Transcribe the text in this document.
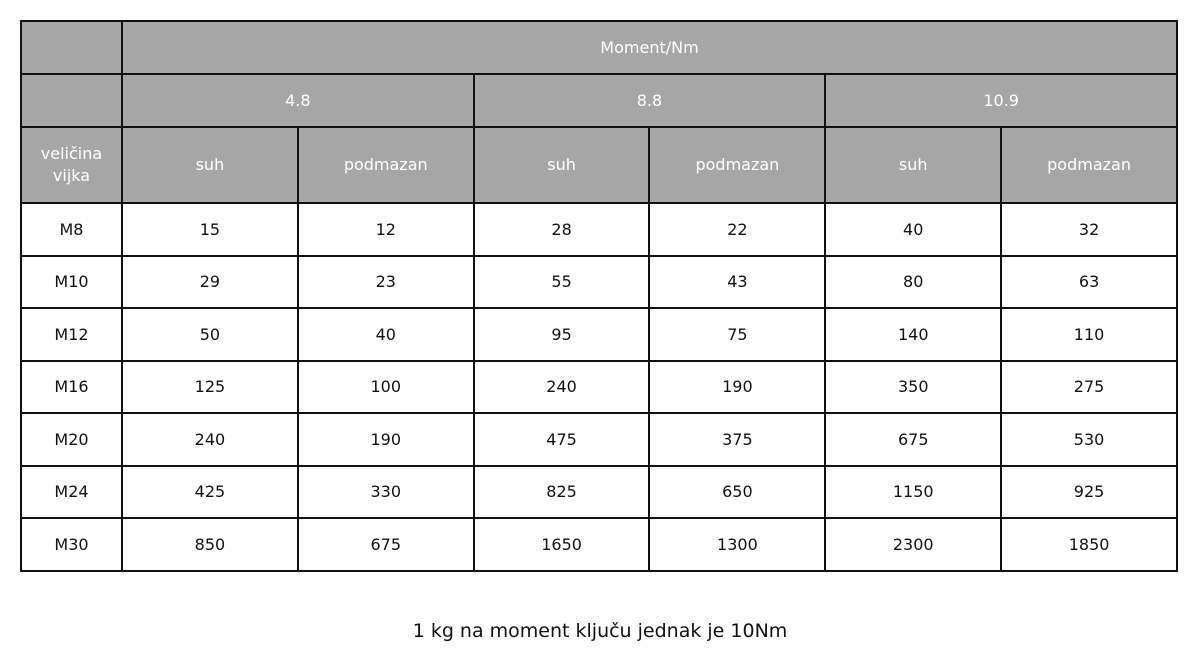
	Moment/Nm					
	4.8		8.8		10.9	
veličina
vijka	suh	podmazan	suh	podmazan	suh	podmazan
M8	15	12	28	22	40	32
M10	29	23	55	43	80	63
M12	50	40	95	75	140	110
M16	125	100	240	190	350	275
M20	240	190	475	375	675	530
M24	425	330	825	650	1150	925
M30	850	675	1650	1300	2300	1850
1 kg na moment ključu jednak je 10Nm
